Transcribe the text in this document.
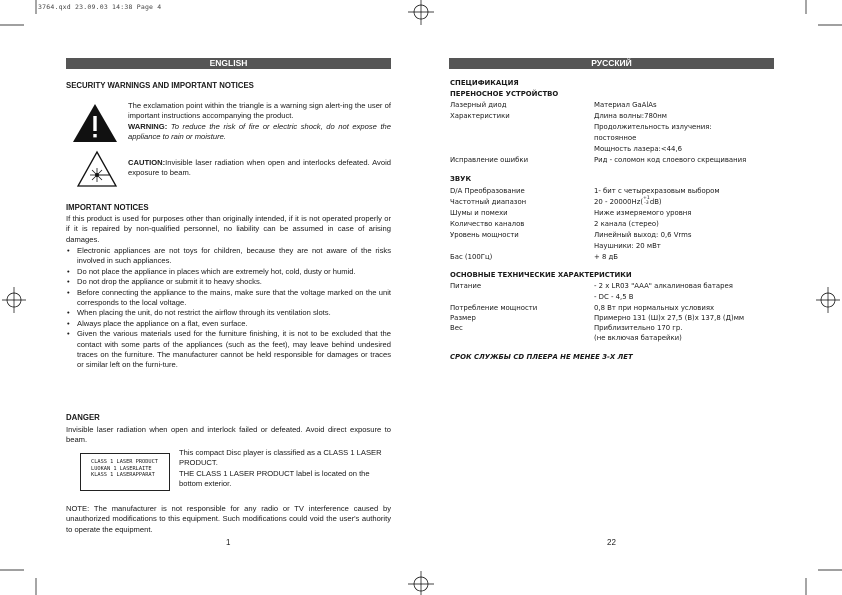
3764.qxd 23.09.03 14:38 Page 4
ENGLISH	РУССКИЙ
SECURITY WARNINGS AND IMPORTANT NOTICES
The exclamation point within the triangle is a warning sign alert-ing the user of important instructions accompanying the product.
WARNING: To reduce the risk of fire or electric shock, do not expose the appliance to rain or moisture.
CAUTION:Invisible laser radiation when open and interlocks defeated. Avoid exposure to beam.
IMPORTANT NOTICES
If this product is used for purposes other than originally intended, if it is not operated properly or if it is repaired by non-qualified personnel, no liability can be assumed in case of arising damages.
• Electronic appliances are not toys for children, because they are not aware of the risks involved in such appliances.
• Do not place the appliance in places which are extremely hot, cold, dusty or humid.
• Do not drop the appliance or submit it to heavy shocks.
• Before connecting the appliance to the mains, make sure that the voltage marked on the unit corresponds to the local voltage.
• When placing the unit, do not restrict the airflow through its ventilation slots.
• Always place the appliance on a flat, even surface.
• Given the various materials used for the furniture finishing, it is not to be excluded that the contact with some parts of the appliances (such as the feet), may leave behind undesired traces on the furniture. The manufacturer cannot be held responsible for damages or traces or similar left on the furni-ture.
DANGER
Invisible laser radiation when open and interlock failed or defeated. Avoid direct exposure to beam.
CLASS 1 LASER PRODUCT
LUOKAN 1 LASERLAITE
KLASS 1 LASERAPPARAT
This compact Disc player is classified as a CLASS 1 LASER PRODUCT.
THE CLASS 1 LASER PRODUCT label is located on the bottom exterior.
NOTE: The manufacturer is not responsible for any radio or TV interference caused by unauthorized modifications to this equipment. Such modifications could void the user's authority to operate the equipment.
1
СПЕЦИФИКАЦИЯ
ПЕРЕНОСНОЕ УСТРОЙСТВО
Лазерный диод	Материал GaAlAs
Характеристики	Длина волны:780нм
Продолжительность излучения:
постоянное
Мощность лазера:<44,6
Исправление ошибки	Рид - соломон код слоевого скрещивания
ЗВУК
D/A Преобразование	1- бит с четырехразовым выбором
Частотный диапазон	20 - 20000Hz(+1
-3dB)
Шумы и помехи	Ниже измеряемого уровня
Количество каналов	2 канала (стерео)
Уровень мощности	Линейный выход: 0,6 Vrms
Наушники: 20 мВт
Бас (100Гц)	+ 8 дБ
ОСНОВНЫЕ ТЕХНИЧЕСКИЕ ХАРАКТЕРИСТИКИ
Питание	- 2 x LR03 "AAA" алкалиновая батарея
- DC - 4,5 В
Потребление мощности	0,8 Вт при нормальных условиях
Размер	Примерно 131 (Ш)x 27,5 (В)x 137,8 (Д)мм
Вес	Приблизительно 170 гр.
(не включая батарейки)
СРОК СЛУЖБЫ CD ПЛЕЕРА НЕ МЕНЕЕ 3-Х ЛЕТ
22
